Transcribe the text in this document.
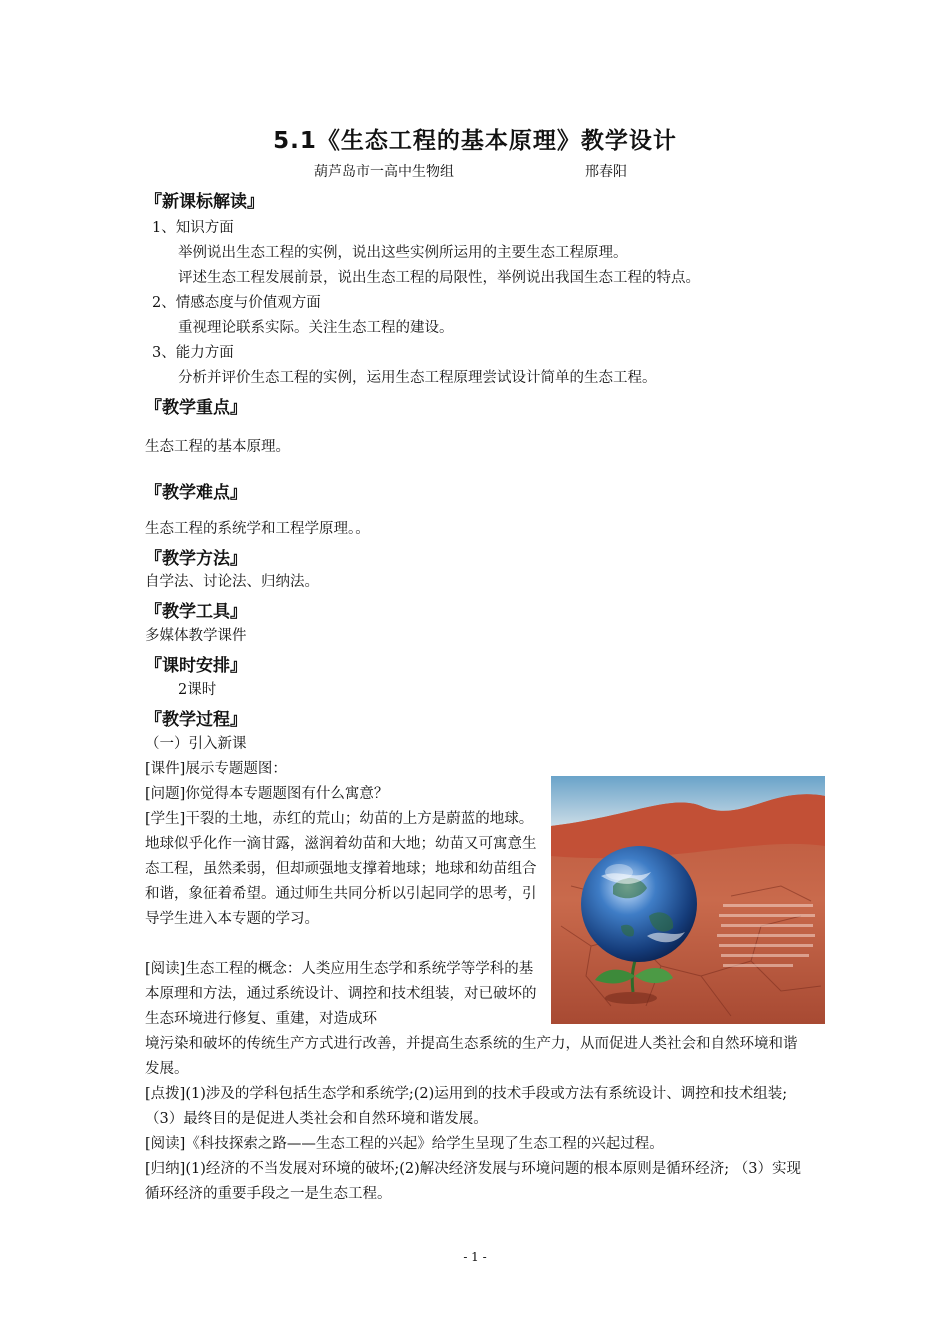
5.1《生态工程的基本原理》教学设计
葫芦岛市一高中生物组	邢春阳
『新课标解读』
1、知识方面
举例说出生态工程的实例，说出这些实例所运用的主要生态工程原理。
评述生态工程发展前景，说出生态工程的局限性，举例说出我国生态工程的特点。
2、情感态度与价值观方面
重视理论联系实际。关注生态工程的建设。
3、能力方面
分析并评价生态工程的实例，运用生态工程原理尝试设计简单的生态工程。
『教学重点』
生态工程的基本原理。
『教学难点』
生态工程的系统学和工程学原理。。
『教学方法』
自学法、讨论法、归纳法。
『教学工具』
多媒体教学课件
『课时安排』
2课时
『教学过程』
（一）引入新课
[课件]展示专题题图：
[问题]你觉得本专题题图有什么寓意？
[学生]干裂的土地，赤红的荒山；幼苗的上方是蔚蓝的地球。地球似乎化作一滴甘露，滋润着幼苗和大地；幼苗又可寓意生态工程，虽然柔弱，但却顽强地支撑着地球；地球和幼苗组合和谐，象征着希望。通过师生共同分析以引起同学的思考，引导学生进入本专题的学习。
[阅读]生态工程的概念：人类应用生态学和系统学等学科的基本原理和方法，通过系统设计、调控和技术组装，对已破坏的生态环境进行修复、重建，对造成环
境污染和破坏的传统生产方式进行改善，并提高生态系统的生产力，从而促进人类社会和自然环境和谐发展。
[点拨](1)涉及的学科包括生态学和系统学;(2)运用到的技术手段或方法有系统设计、调控和技术组装; （3）最终目的是促进人类社会和自然环境和谐发展。
[阅读]《科技探索之路——生态工程的兴起》给学生呈现了生态工程的兴起过程。
[归纳](1)经济的不当发展对环境的破坏;(2)解决经济发展与环境问题的根本原则是循环经济; （3）实现循环经济的重要手段之一是生态工程。
- 1 -
